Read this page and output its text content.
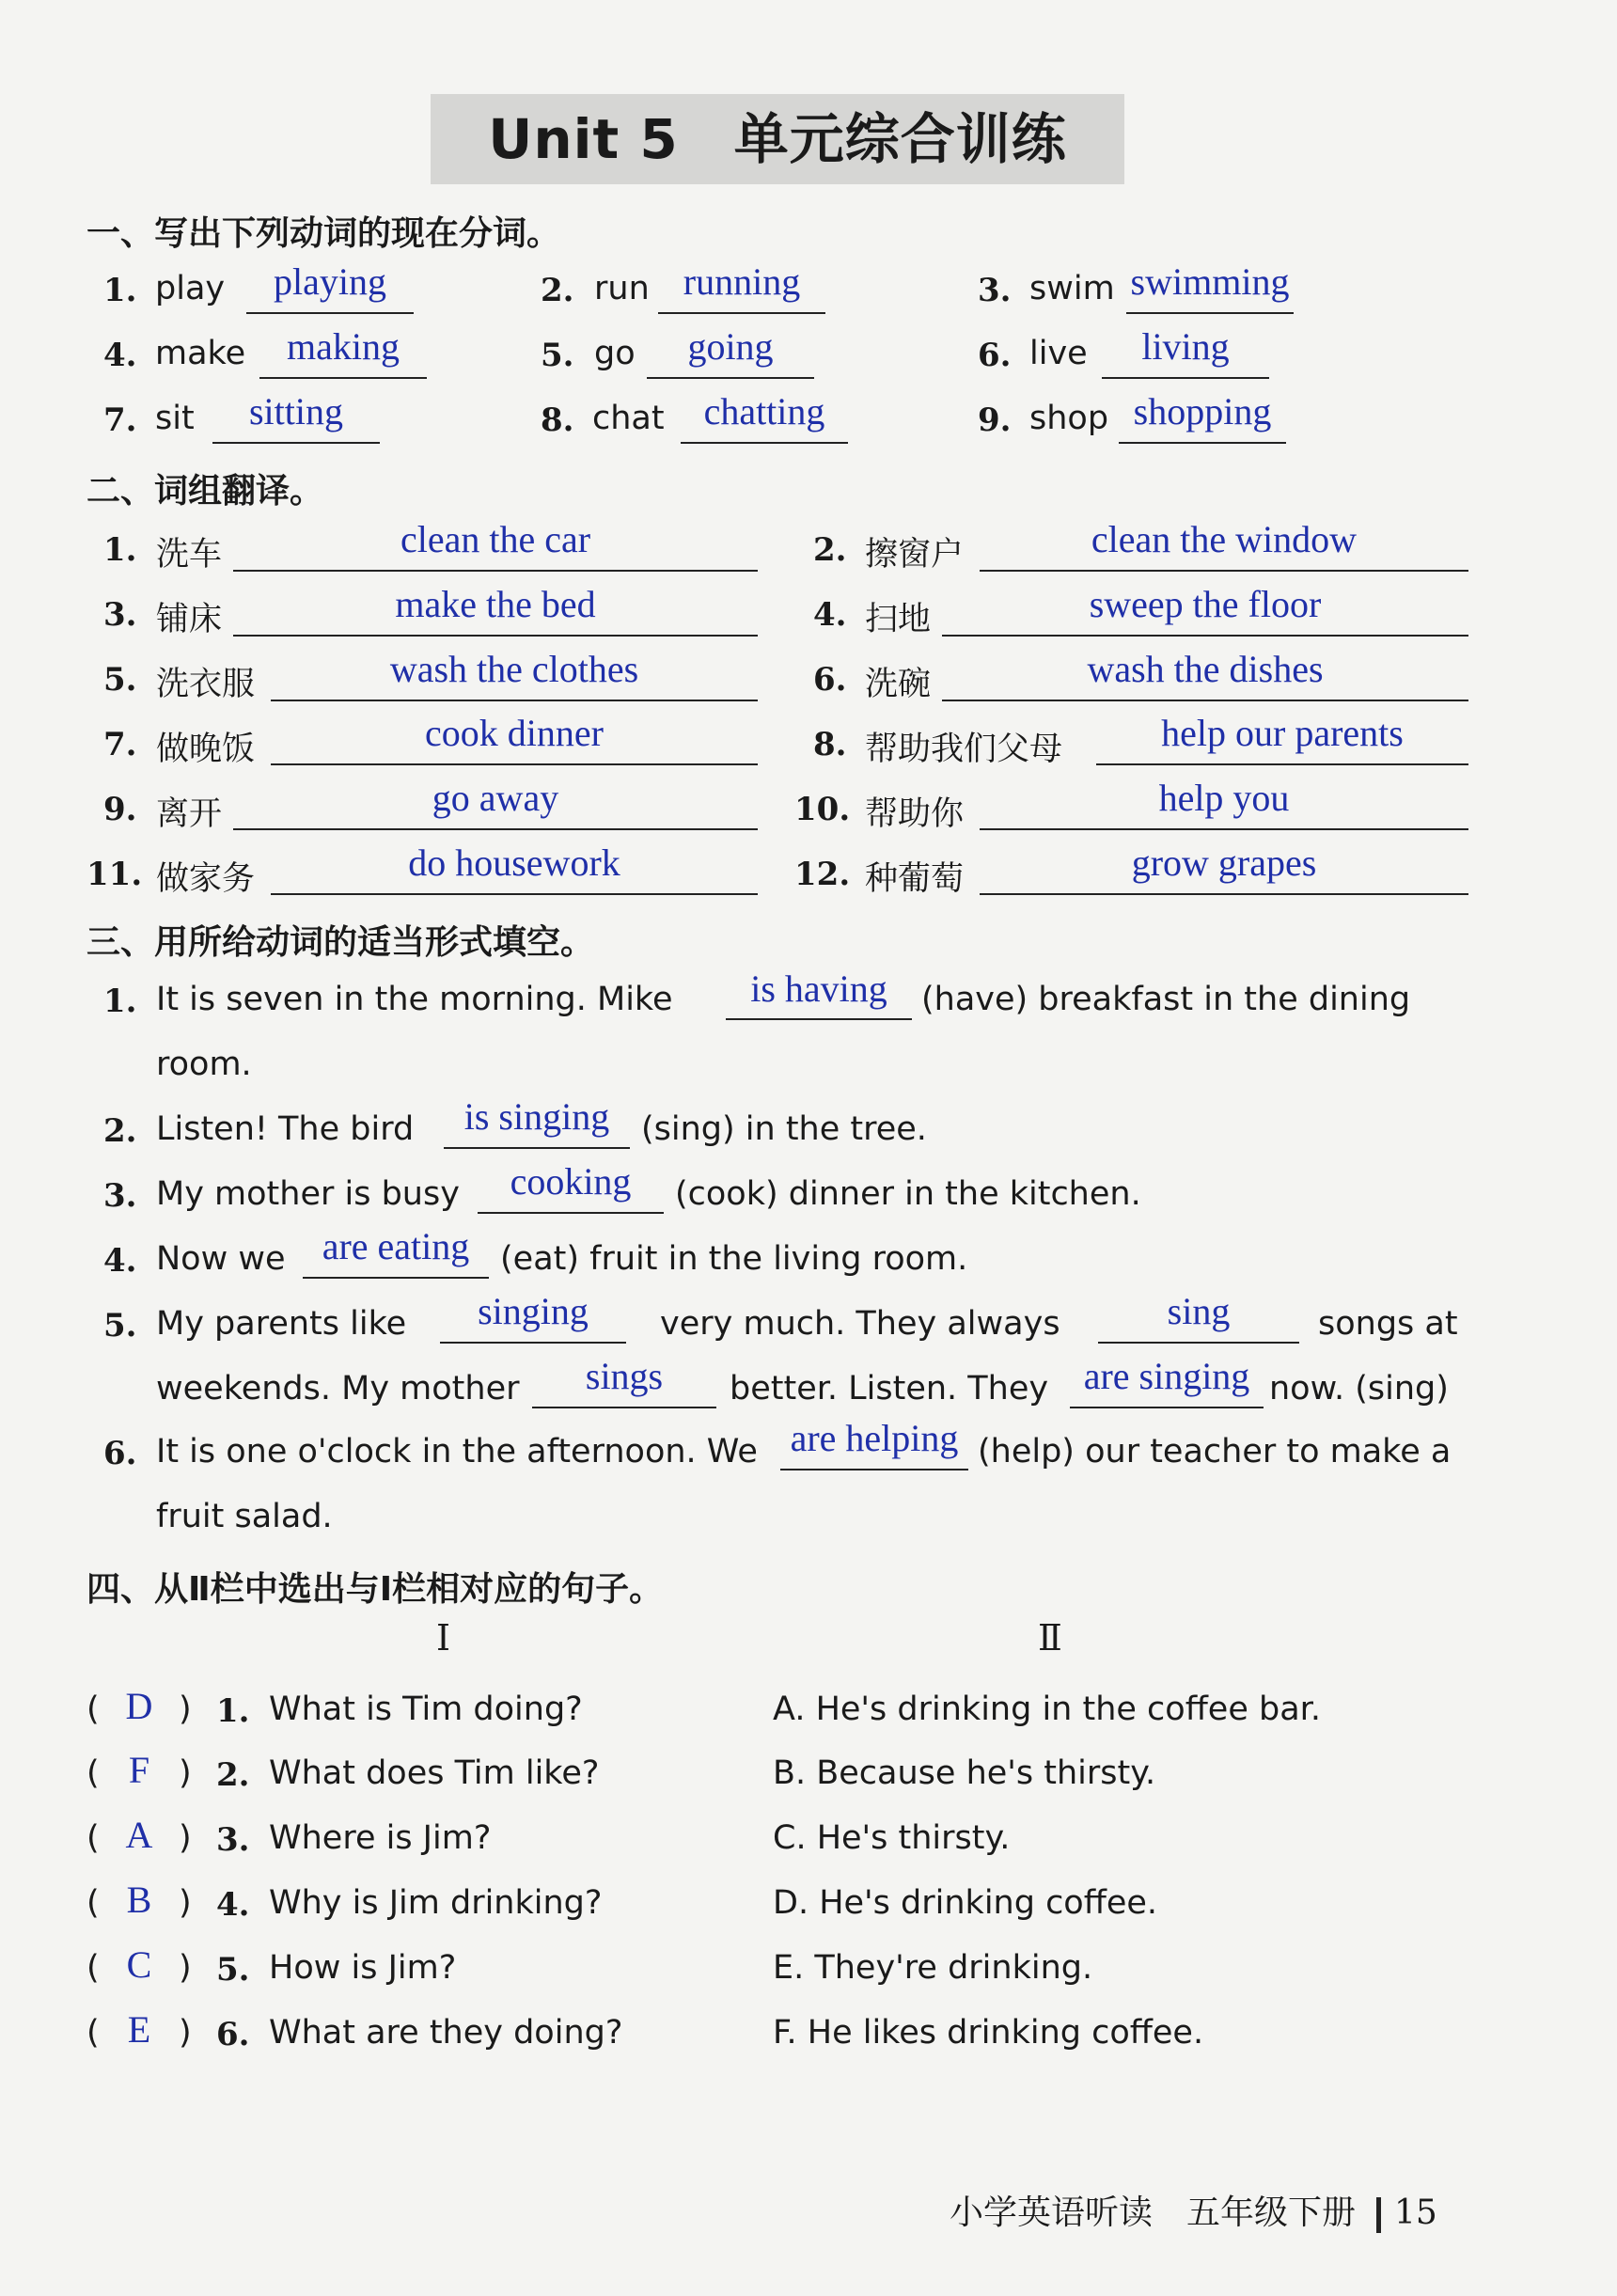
Unit 5　单元综合训练
一、写出下列动词的现在分词。
1. play	playing	2. run running	3. swim swimming
4. make	making	5. go	going	6. live	living
7. sit	sitting	8. chat	chatting	9. shop shopping
二、词组翻译。
1. 洗车	clean the car	2. 擦窗户	clean the window
3. 铺床	make the bed	4. 扫地	sweep the floor
5. 洗衣服	wash the clothes	6. 洗碗	wash the dishes
7. 做晚饭	cook dinner	8. 帮助我们父母	help our parents
9. 离开	go away	10. 帮助你	help you
11. 做家务	do housework	12. 种葡萄	grow grapes
三、用所给动词的适当形式填空。
1. It is seven in the morning. Mike	is having	(have) breakfast in the dining
room.
2. Listen! The bird	is singing (sing) in the tree.
3. My mother is busy	cooking	(cook) dinner in the kitchen.
4. Now we are eating (eat) fruit in the living room.
5. My parents like	singing	very much. They always	sing	songs at
weekends. My mother	sings	better. Listen. They are singing now. (sing)
6. It is one o'clock in the afternoon. We are helping (help) our teacher to make a
fruit salad.
四、从Ⅱ栏中选出与Ⅰ栏相对应的句子。
Ⅰ	Ⅱ
( D ) 1. What is Tim doing?	A. He's drinking in the coffee bar.
( F ) 2. What does Tim like?	B. Because he's thirsty.
( A ) 3. Where is Jim?	C. He's thirsty.
( B ) 4. Why is Jim drinking?	D. He's drinking coffee.
( C ) 5. How is Jim?	E. They're drinking.
( E ) 6. What are they doing?	F. He likes drinking coffee.
小学英语听读　五年级下册 15
